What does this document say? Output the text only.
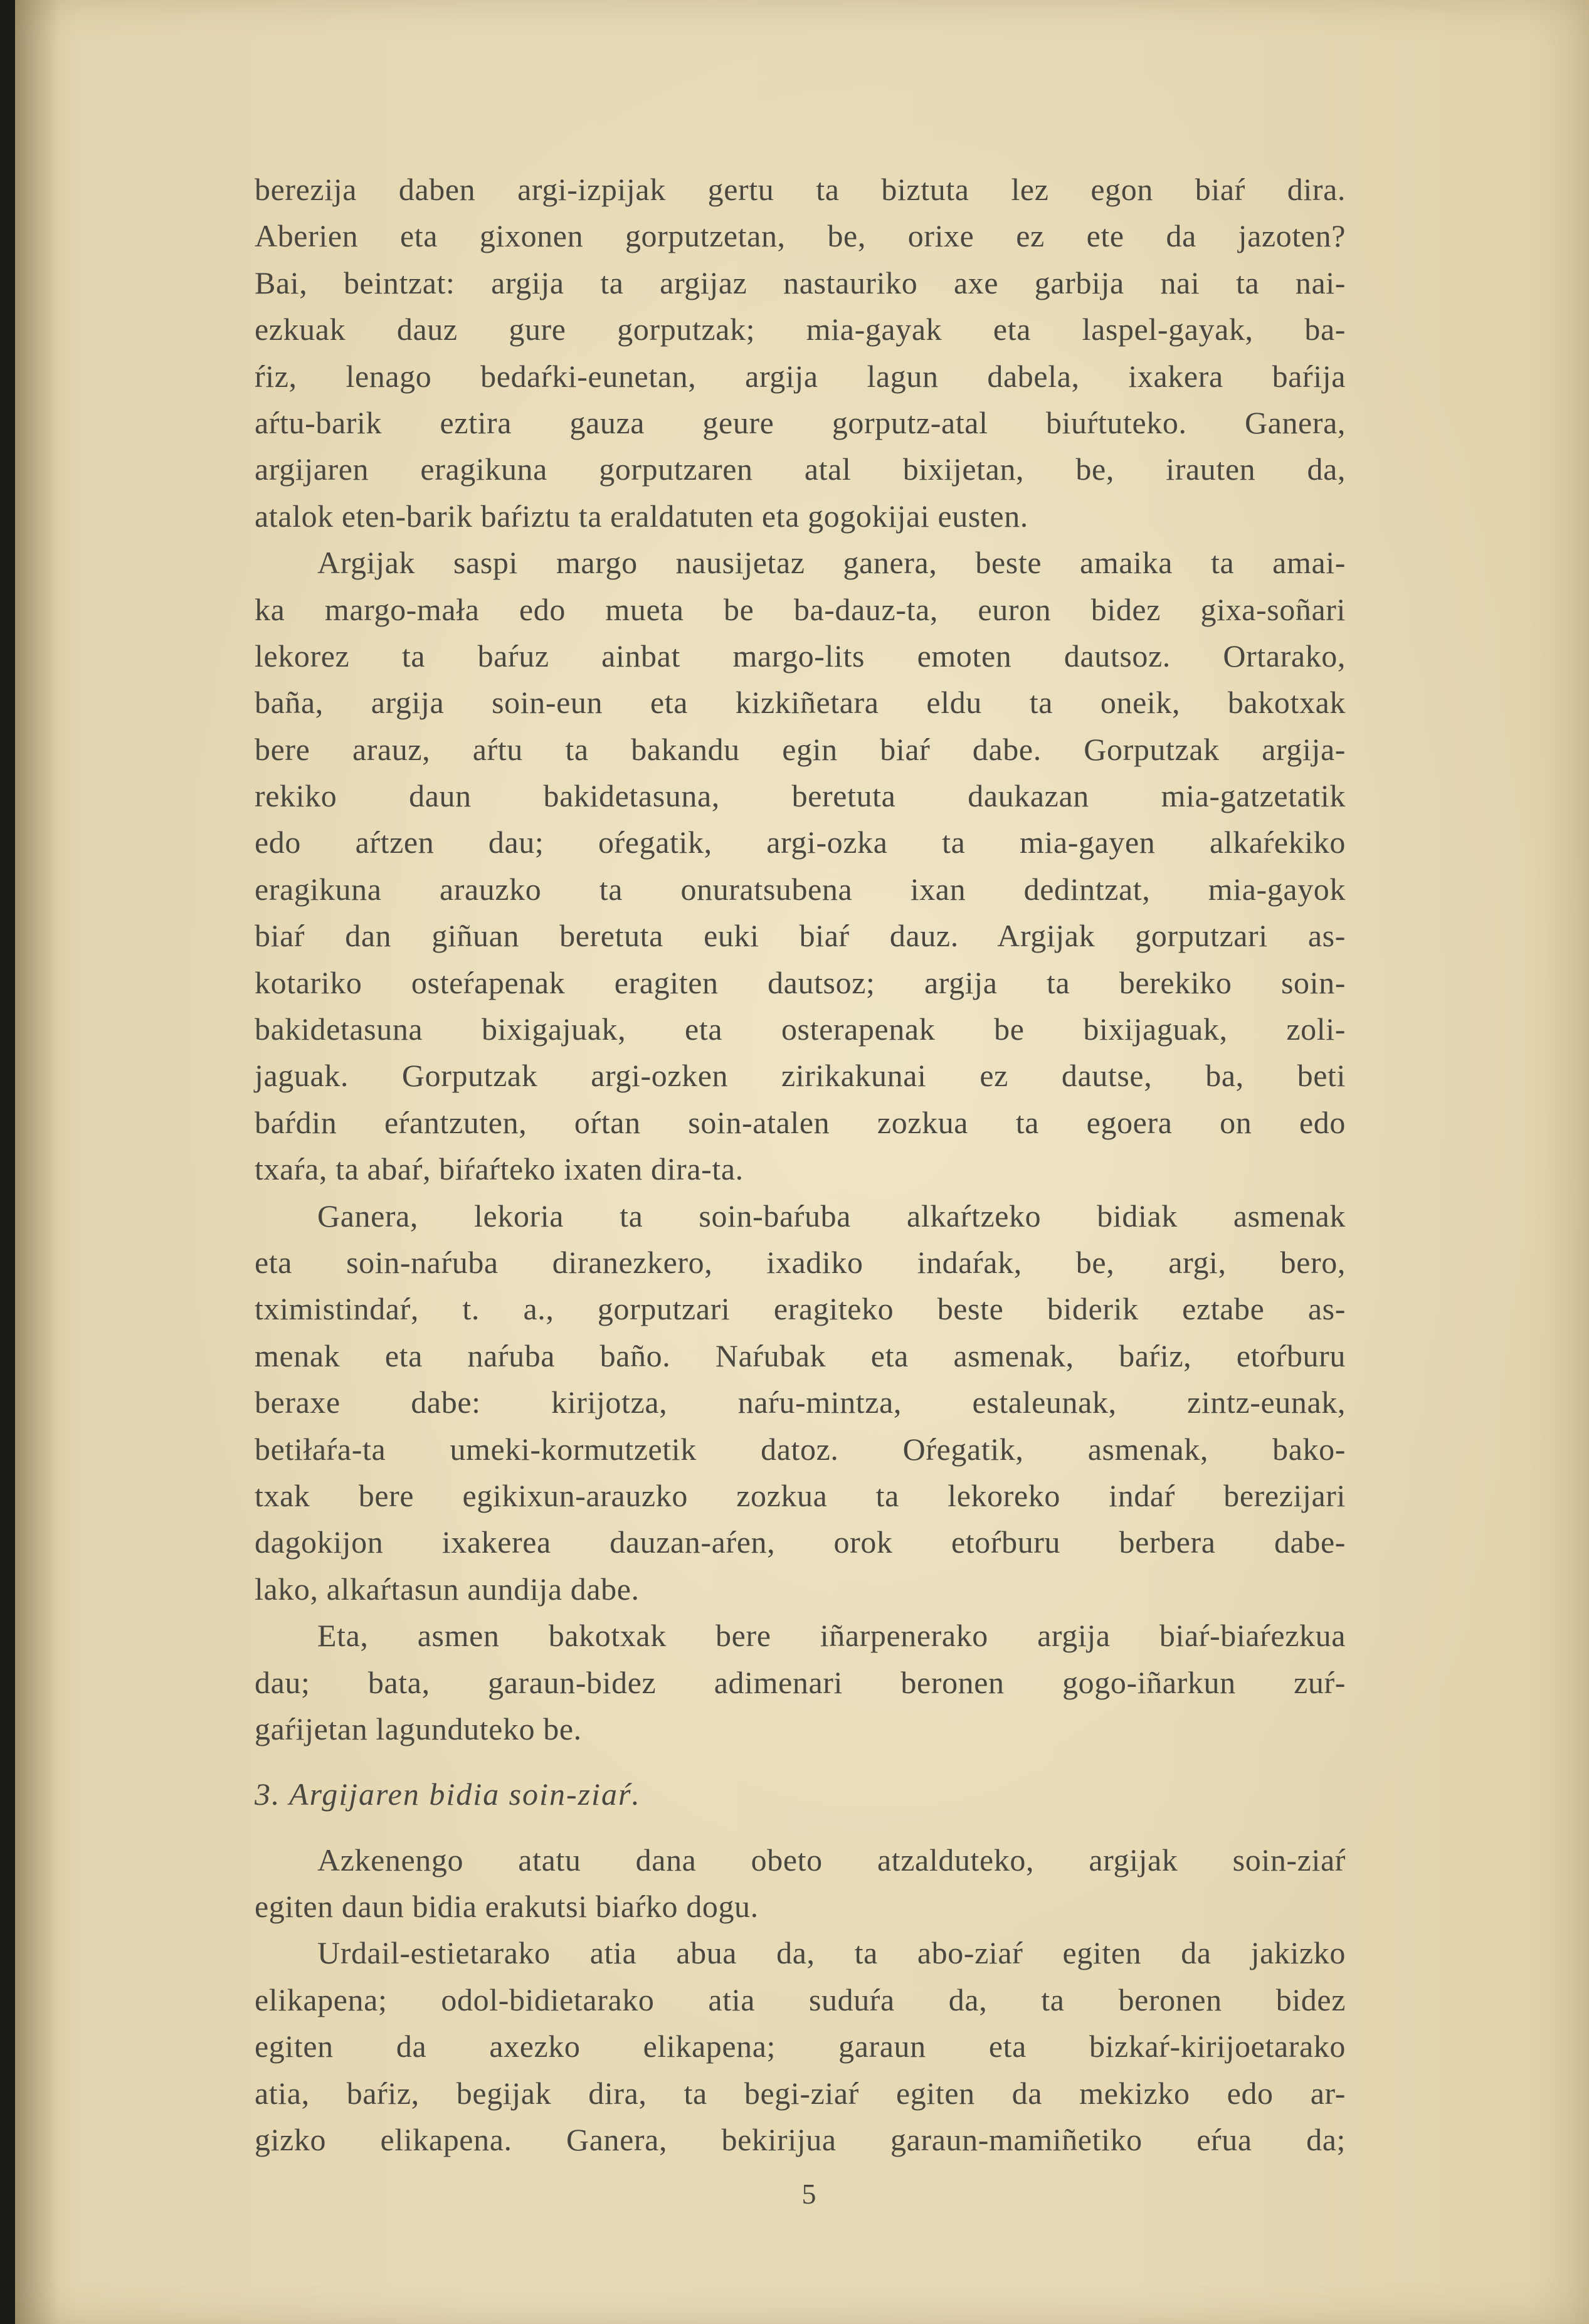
berezija daben argi-izpijak gertu ta biztuta lez egon biaŕ dira.
Aberien eta gixonen gorputzetan, be, orixe ez ete da jazoten?
Bai, beintzat: argija ta argijaz nastauriko axe garbija nai ta nai-
ezkuak dauz gure gorputzak; mia-gayak eta laspel-gayak, ba-
ŕiz, lenago bedaŕki-eunetan, argija lagun dabela, ixakera baŕija
aŕtu-barik eztira gauza geure gorputz-atal biuŕtuteko. Ganera,
argijaren eragikuna gorputzaren atal bixijetan, be, irauten da,
atalok eten-barik baŕiztu ta eraldatuten eta gogokijai eusten.
Argijak saspi margo nausijetaz ganera, beste amaika ta amai-
ka margo-mała edo mueta be ba-dauz-ta, euron bidez gixa-soñari
lekorez ta baŕuz ainbat margo-lits emoten dautsoz. Ortarako,
baña, argija soin-eun eta kizkiñetara eldu ta oneik, bakotxak
bere arauz, aŕtu ta bakandu egin biaŕ dabe. Gorputzak argija-
rekiko daun bakidetasuna, beretuta daukazan mia-gatzetatik
edo aŕtzen dau; oŕegatik, argi-ozka ta mia-gayen alkaŕekiko
eragikuna arauzko ta onuratsubena ixan dedintzat, mia-gayok
biaŕ dan giñuan beretuta euki biaŕ dauz. Argijak gorputzari as-
kotariko osteŕapenak eragiten dautsoz; argija ta berekiko soin-
bakidetasuna bixigajuak, eta osterapenak be bixijaguak, zoli-
jaguak. Gorputzak argi-ozken zirikakunai ez dautse, ba, beti
baŕdin eŕantzuten, oŕtan soin-atalen zozkua ta egoera on edo
txaŕa, ta abaŕ, biŕaŕteko ixaten dira-ta.
Ganera, lekoria ta soin-baŕuba alkaŕtzeko bidiak asmenak
eta soin-naŕuba diranezkero, ixadiko indaŕak, be, argi, bero,
tximistindaŕ, t. a., gorputzari eragiteko beste biderik eztabe as-
menak eta naŕuba baño. Naŕubak eta asmenak, baŕiz, etoŕburu
beraxe dabe: kirijotza, naŕu-mintza, estaleunak, zintz-eunak,
betiłaŕa-ta umeki-kormutzetik datoz. Oŕegatik, asmenak, bako-
txak bere egikixun-arauzko zozkua ta lekoreko indaŕ berezijari
dagokijon ixakerea dauzan-aŕen, orok etoŕburu berbera dabe-
lako, alkaŕtasun aundija dabe.
Eta, asmen bakotxak bere iñarpenerako argija biaŕ-biaŕezkua
dau; bata, garaun-bidez adimenari beronen gogo-iñarkun zuŕ-
gaŕijetan lagunduteko be.
3. Argijaren bidia soin-ziaŕ.
Azkenengo atatu dana obeto atzalduteko, argijak soin-ziaŕ
egiten daun bidia erakutsi biaŕko dogu.
Urdail-estietarako atia abua da, ta abo-ziaŕ egiten da jakizko
elikapena; odol-bidietarako atia suduŕa da, ta beronen bidez
egiten da axezko elikapena; garaun eta bizkaŕ-kirijoetarako
atia, baŕiz, begijak dira, ta begi-ziaŕ egiten da mekizko edo ar-
gizko elikapena. Ganera, bekirijua garaun-mamiñetiko eŕua da;
5
